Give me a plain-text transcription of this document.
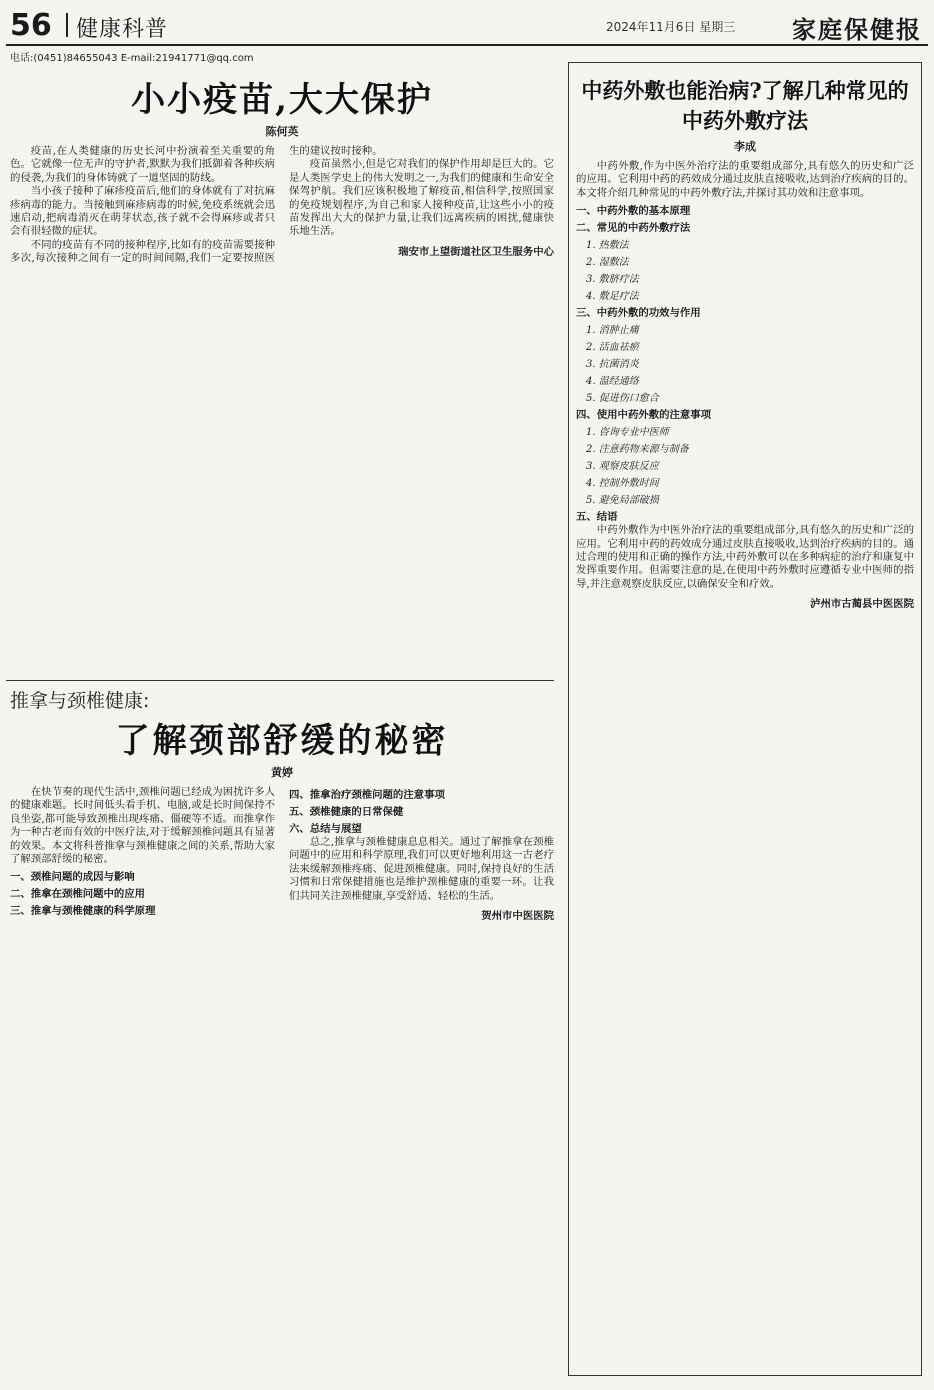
56 健康科普	2024年11月6日 星期三 家庭保健报
电话:(0451)84655043 E-mail:21941771@qq.com
小小疫苗,大大保护
陈何英

疫苗,在人类健康的历史长河中扮演着至关重要的角色。它就像一位无声的守护者,默默为我们抵御着各种疾病的侵袭,为我们的身体铸就了一道坚固的防线。

当小孩子接种了麻疹疫苗后,他们的身体就有了对抗麻疹病毒的能力。当接触到麻疹病毒的时候,免疫系统就会迅速启动,把病毒消灭在萌芽状态,孩子就不会得麻疹或者只会有很轻微的症状。

不同的疫苗有不同的接种程序,比如有的疫苗需要接种多次,每次接种之间有一定的时间间隔,我们一定要按照医生的建议按时接种。

疫苗虽然小,但是它对我们的保护作用却是巨大的。它是人类医学史上的伟大发明之一,为我们的健康和生命安全保驾护航。我们应该积极地了解疫苗,相信科学,按照国家的免疫规划程序,为自己和家人接种疫苗,让这些小小的疫苗发挥出大大的保护力量,让我们远离疾病的困扰,健康快乐地生活。

瑞安市上望街道社区卫生服务中心
推拿与颈椎健康:
了解颈部舒缓的秘密
黄婷

在快节奏的现代生活中,颈椎问题已经成为困扰许多人的健康难题。长时间低头看手机、电脑,或是长时间保持不良坐姿,都可能导致颈椎出现疼痛、僵硬等不适。而推拿作为一种古老而有效的中医疗法,对于缓解颈椎问题具有显著的效果。本文将科普推拿与颈椎健康之间的关系,帮助大家了解颈部舒缓的秘密。

一、颈椎问题的成因与影响
二、推拿在颈椎问题中的应用
三、推拿与颈椎健康的科学原理
四、推拿治疗颈椎问题的注意事项
五、颈椎健康的日常保健
六、总结与展望

总之,推拿与颈椎健康息息相关。通过了解推拿在颈椎问题中的应用和科学原理,我们可以更好地利用这一古老疗法来缓解颈椎疼痛、促进颈椎健康。同时,保持良好的生活习惯和日常保健措施也是维护颈椎健康的重要一环。让我们共同关注颈椎健康,享受舒适、轻松的生活。

贺州市中医医院
中药外敷也能治病?了解几种常见的中药外敷疗法
李成

中药外敷,作为中医外治疗法的重要组成部分,具有悠久的历史和广泛的应用。它利用中药的药效成分通过皮肤直接吸收,达到治疗疾病的目的。本文将介绍几种常见的中药外敷疗法,并探讨其功效和注意事项。

一、中药外敷的基本原理
二、常见的中药外敷疗法
1. 热敷法
2. 湿敷法
3. 敷脐疗法
4. 敷足疗法
三、中药外敷的功效与作用
1. 消肿止痛
2. 活血祛瘀
3. 抗菌消炎
4. 温经通络
5. 促进伤口愈合
四、使用中药外敷的注意事项
1. 咨询专业中医师
2. 注意药物来源与制备
3. 观察皮肤反应
4. 控制外敷时间
5. 避免局部破损
五、结语

中药外敷作为中医外治疗法的重要组成部分,具有悠久的历史和广泛的应用。它利用中药的药效成分通过皮肤直接吸收,达到治疗疾病的目的。通过合理的使用和正确的操作方法,中药外敷可以在多种病症的治疗和康复中发挥重要作用。但需要注意的是,在使用中药外敷时应遵循专业中医师的指导,并注意观察皮肤反应,以确保安全和疗效。

泸州市古蔺县中医医院
